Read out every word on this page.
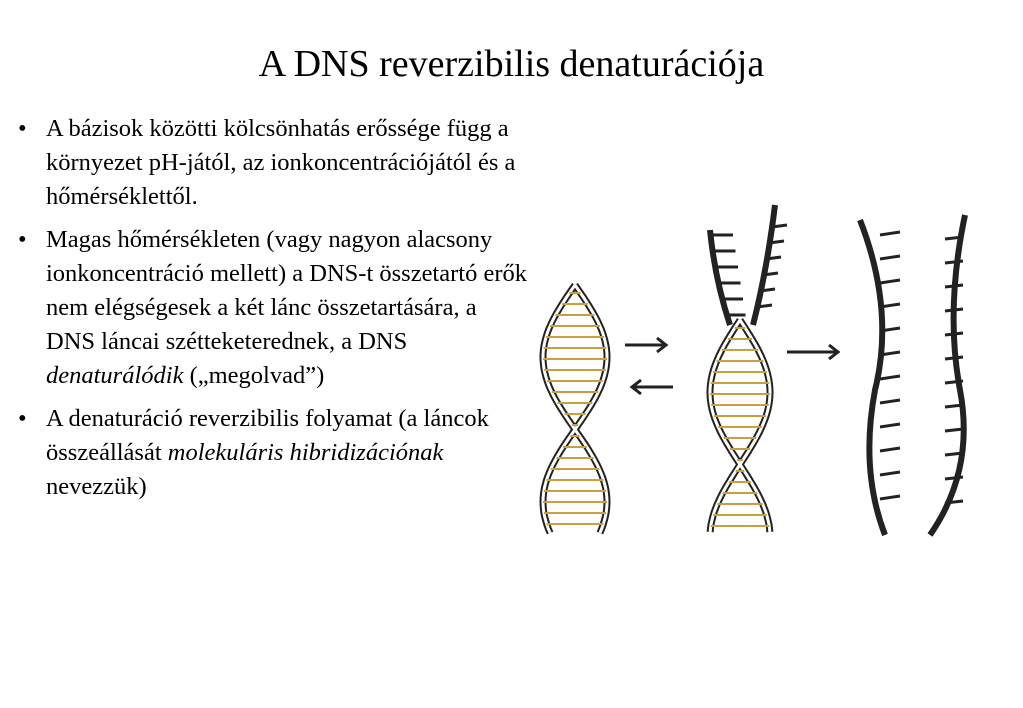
A DNS reverzibilis denaturációja
• A bázisok közötti kölcsönhatás erőssége függ a környezet pH-jától, az ionkoncentrációjától és a hőmérséklettől.
• Magas hőmérsékleten (vagy nagyon alacsony ionkoncentráció mellett) a DNS-t összetartó erők nem elégségesek a két lánc összetartására, a DNS láncai szétteketerednek, a DNS denaturálódik („megolvad”)
• A denaturáció reverzibilis folyamat (a láncok összeállását molekuláris hibridizációnak nevezzük)
